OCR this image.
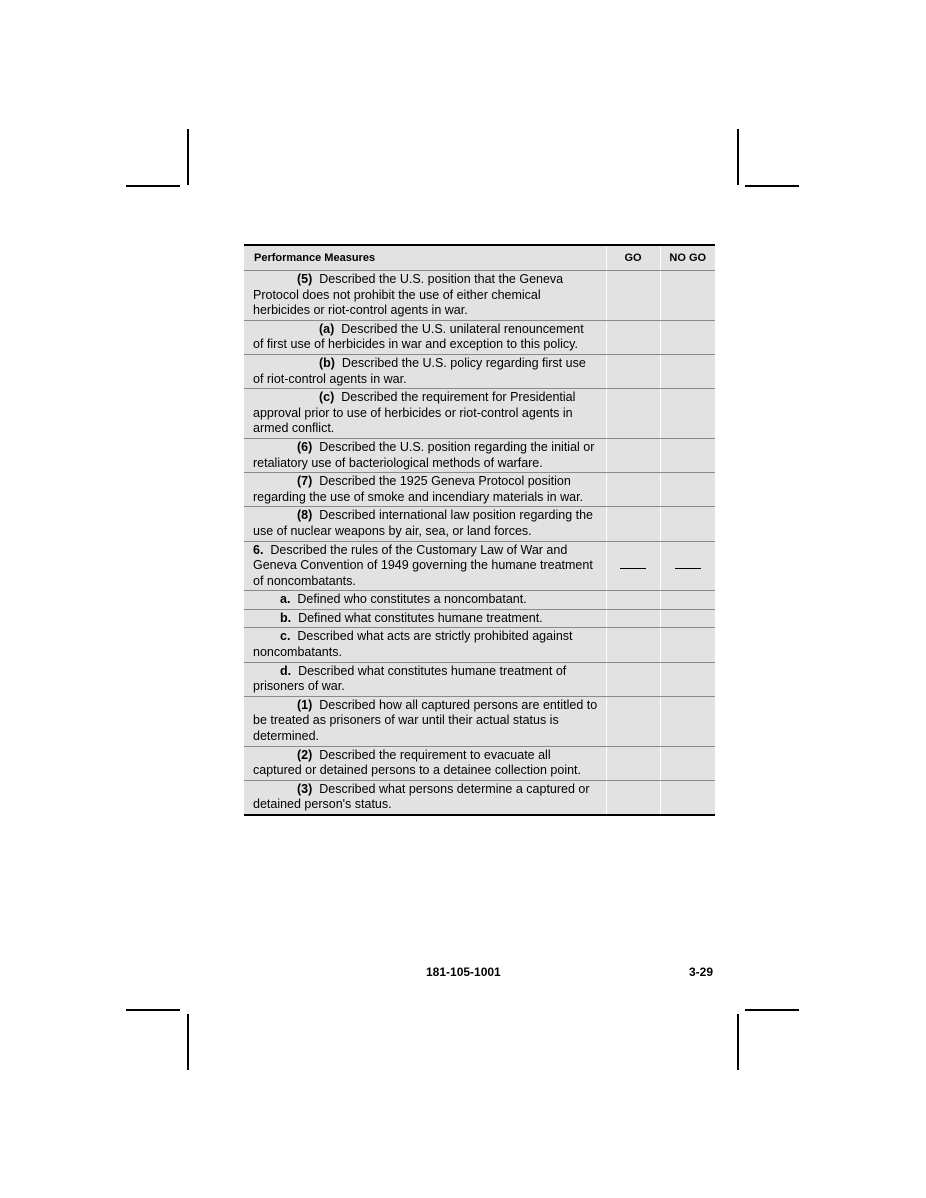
Performance Measures	GO	NO GO
(5) Described the U.S. position that the Geneva Protocol does not prohibit the use of either chemical herbicides or riot-control agents in war.		
(a) Described the U.S. unilateral renouncement of first use of herbicides in war and exception to this policy.		
(b) Described the U.S. policy regarding first use of riot-control agents in war.		
(c) Described the requirement for Presidential approval prior to use of herbicides or riot-control agents in armed conflict.		
(6) Described the U.S. position regarding the initial or retaliatory use of bacteriological methods of warfare.		
(7) Described the 1925 Geneva Protocol position regarding the use of smoke and incendiary materials in war.		
(8) Described international law position regarding the use of nuclear weapons by air, sea, or land forces.		
6. Described the rules of the Customary Law of War and Geneva Convention of 1949 governing the humane treatment of noncombatants.		
a. Defined who constitutes a noncombatant.		
b. Defined what constitutes humane treatment.		
c. Described what acts are strictly prohibited against noncombatants.		
d. Described what constitutes humane treatment of prisoners of war.		
(1) Described how all captured persons are entitled to be treated as prisoners of war until their actual status is determined.		
(2) Described the requirement to evacuate all captured or detained persons to a detainee collection point.		
(3) Described what persons determine a captured or detained person's status.		
181-105-1001	3-29
